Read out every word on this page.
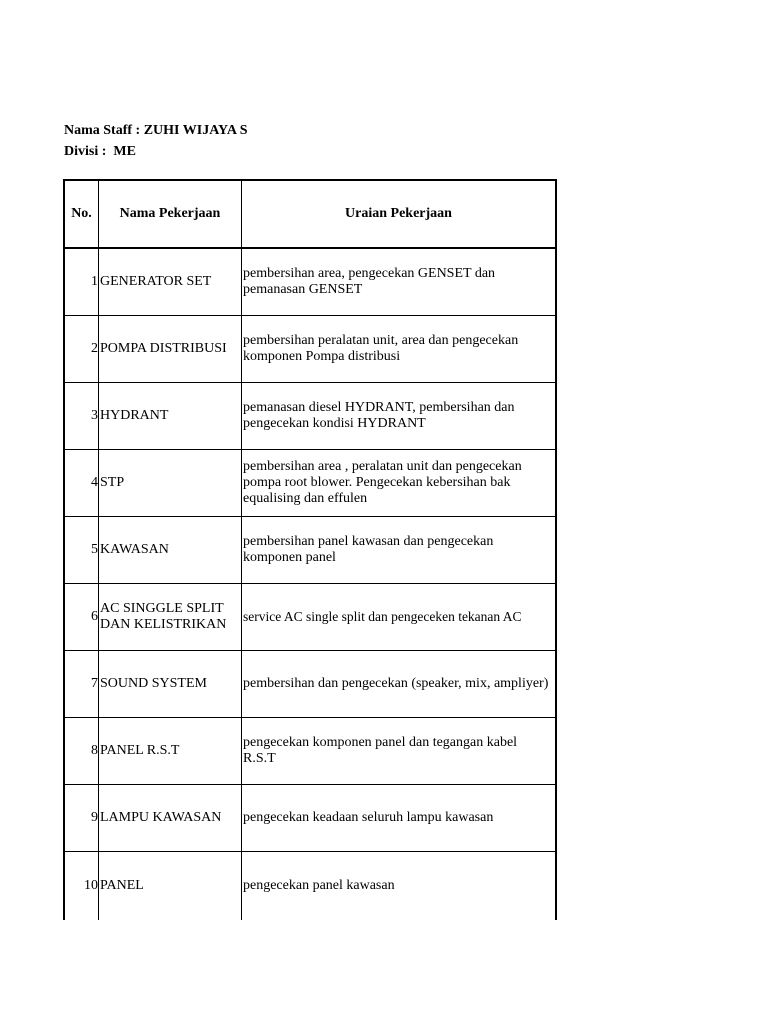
Nama Staff : ZUHI WIJAYA S
Divisi : ME
No.	Nama Pekerjaan	Uraian Pekerjaan
1	GENERATOR SET	pembersihan area, pengecekan GENSET dan pemanasan GENSET

2	POMPA DISTRIBUSI	pembersihan peralatan unit, area dan pengecekan komponen Pompa distribusi

3	HYDRANT	pemanasan diesel HYDRANT, pembersihan dan pengecekan kondisi HYDRANT

4	STP	pembersihan area , peralatan unit dan pengecekan pompa root blower. Pengecekan kebersihan bak equalising dan effulen

5	KAWASAN	pembersihan panel kawasan dan pengecekan komponen panel

6	AC SINGGLE SPLIT DAN KELISTRIKAN	service AC single split dan pengeceken tekanan AC

7	SOUND SYSTEM	pembersihan dan pengecekan (speaker, mix, ampliyer)

8	PANEL R.S.T	pengecekan komponen panel dan tegangan kabel R.S.T

9	LAMPU KAWASAN	pengecekan keadaan seluruh lampu kawasan

10	PANEL	pengecekan panel kawasan
